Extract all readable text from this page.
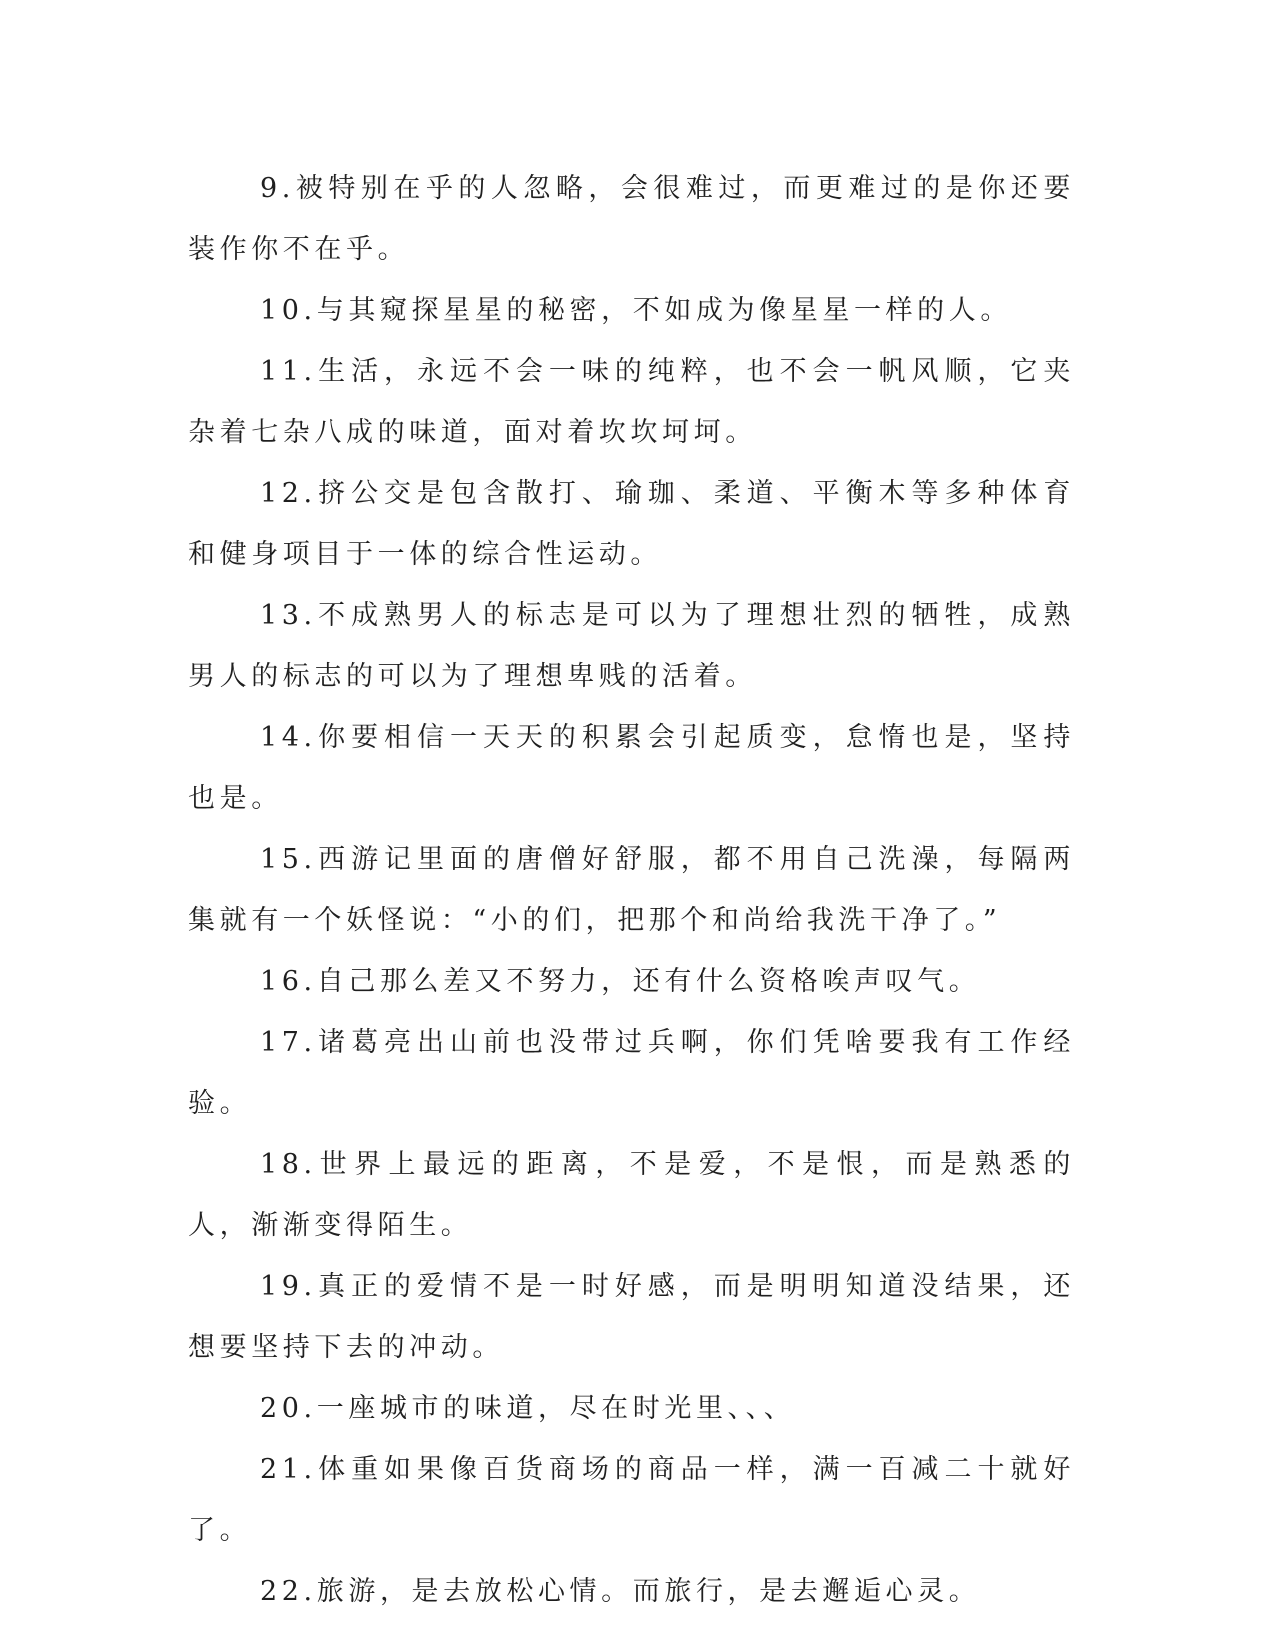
9.被特别在乎的人忽略，会很难过，而更难过的是你还要装作你不在乎。

10.与其窥探星星的秘密，不如成为像星星一样的人。

11.生活，永远不会一味的纯粹，也不会一帆风顺，它夹杂着七杂八成的味道，面对着坎坎坷坷。

12.挤公交是包含散打、瑜珈、柔道、平衡木等多种体育和健身项目于一体的综合性运动。

13.不成熟男人的标志是可以为了理想壮烈的牺牲，成熟男人的标志的可以为了理想卑贱的活着。

14.你要相信一天天的积累会引起质变，怠惰也是，坚持也是。

15.西游记里面的唐僧好舒服，都不用自己洗澡，每隔两集就有一个妖怪说：“小的们，把那个和尚给我洗干净了。”

16.自己那么差又不努力，还有什么资格唉声叹气。

17.诸葛亮出山前也没带过兵啊，你们凭啥要我有工作经验。

18.世界上最远的距离，不是爱，不是恨，而是熟悉的人，渐渐变得陌生。

19.真正的爱情不是一时好感，而是明明知道没结果，还想要坚持下去的冲动。

20.一座城市的味道，尽在时光里、、、

21.体重如果像百货商场的商品一样，满一百减二十就好了。

22.旅游，是去放松心情。而旅行，是去邂逅心灵。
